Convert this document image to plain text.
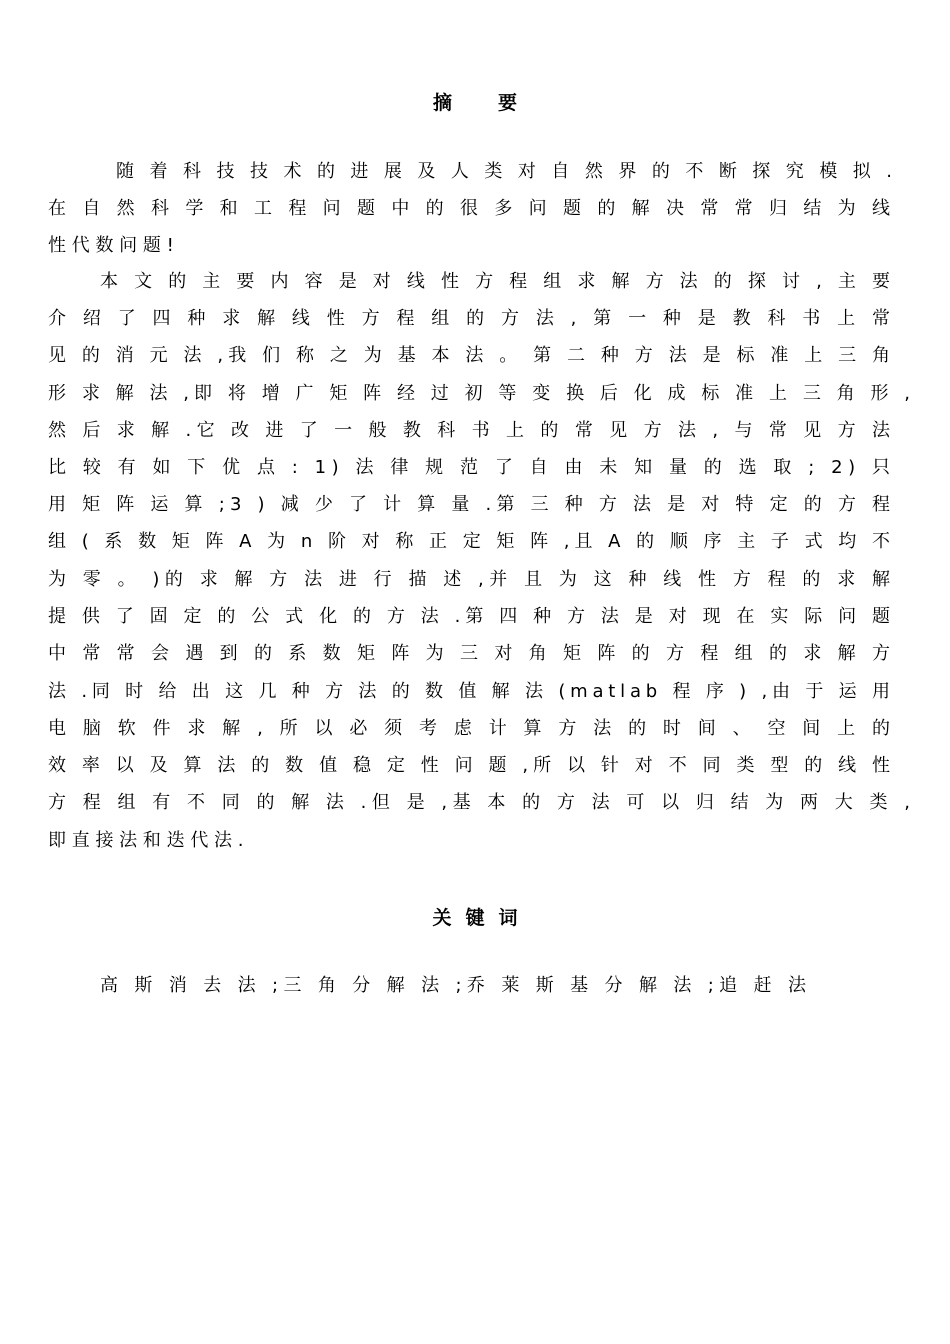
摘要
随 着 科 技 技 术 的 进 展 及 人 类 对 自 然 界 的 不 断 探 究 模 拟 .
在 自 然 科 学 和 工 程 问 题 中 的 很 多 问 题 的 解 决 常 常 归 结 为 线
性 代 数 问 题 !
本 文 的 主 要 内 容 是 对 线 性 方 程 组 求 解 方 法 的 探 讨 , 主 要
介 绍 了 四 种 求 解 线 性 方 程 组 的 方 法 , 第 一 种 是 教 科 书 上 常
见 的 消 元 法 ,我 们 称 之 为 基 本 法 。 第 二 种 方 法 是 标 准 上 三 角
形 求 解 法 ,即 将 增 广 矩 阵 经 过 初 等 变 换 后 化 成 标 准 上 三 角 形 ,
然 后 求 解 .它 改 进 了 一 般 教 科 书 上 的 常 见 方 法 , 与 常 见 方 法
比 较 有 如 下 优 点 : 1) 法 律 规 范 了 自 由 未 知 量 的 选 取 ; 2) 只
用 矩 阵 运 算 ;3 ) 减 少 了 计 算 量 .第 三 种 方 法 是 对 特 定 的 方 程
组 ( 系 数 矩 阵 A 为 n 阶 对 称 正 定 矩 阵 ,且 A 的 顺 序 主 子 式 均 不
为 零 。 )的 求 解 方 法 进 行 描 述 ,并 且 为 这 种 线 性 方 程 的 求 解
提 供 了 固 定 的 公 式 化 的 方 法 .第 四 种 方 法 是 对 现 在 实 际 问 题
中 常 常 会 遇 到 的 系 数 矩 阵 为 三 对 角 矩 阵 的 方 程 组 的 求 解 方
法 .同 时 给 出 这 几 种 方 法 的 数 值 解 法 (matlab 程 序 ) ,由 于 运 用
电 脑 软 件 求 解 , 所 以 必 须 考 虑 计 算 方 法 的 时 间 、 空 间 上 的
效 率 以 及 算 法 的 数 值 稳 定 性 问 题 ,所 以 针 对 不 同 类 型 的 线 性
方 程 组 有 不 同 的 解 法 .但 是 ,基 本 的 方 法 可 以 归 结 为 两 大 类 ,
即 直 接 法 和 迭 代 法 .
关键词
高 斯 消 去 法 ;三 角 分 解 法 ;乔 莱 斯 基 分 解 法 ;追 赶 法
